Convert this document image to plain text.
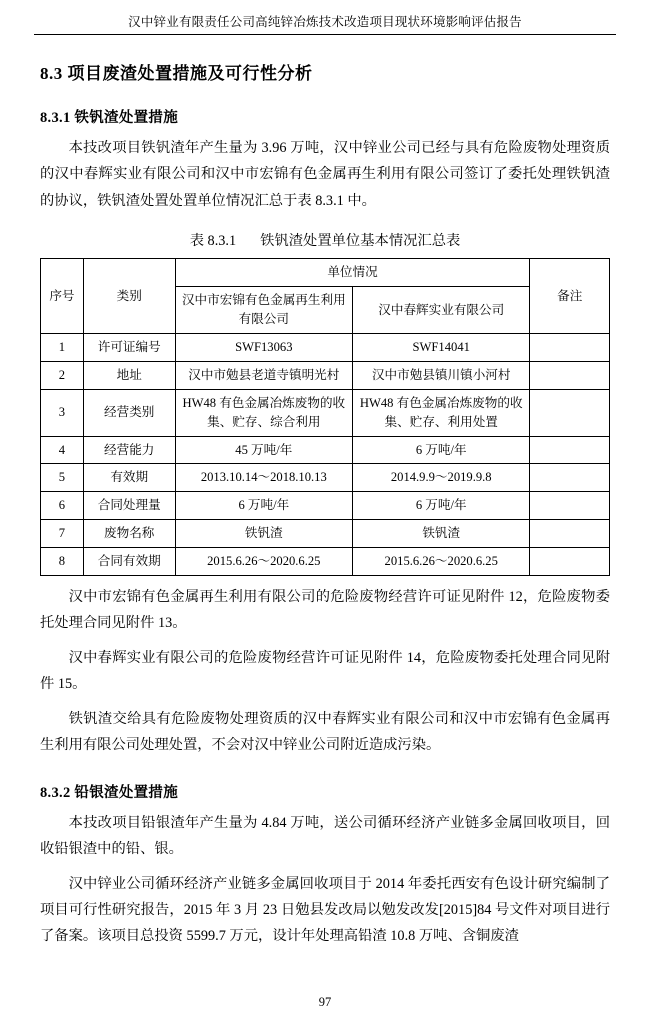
汉中锌业有限责任公司高纯锌冶炼技术改造项目现状环境影响评估报告
8.3 项目废渣处置措施及可行性分析
8.3.1 铁钒渣处置措施

本技改项目铁钒渣年产生量为 3.96 万吨，汉中锌业公司已经与具有危险废物处理资质的汉中春辉实业有限公司和汉中市宏锦有色金属再生利用有限公司签订了委托处理铁钒渣的协议，铁钒渣处置处置单位情况汇总于表 8.3.1 中。

表 8.3.1 铁钒渣处置单位基本情况汇总表
序号	类别	单位情况		备注
		汉中市宏锦有色金属再生利用有限公司	汉中春辉实业有限公司	
1	许可证编号	SWF13063	SWF14041	
2	地址	汉中市勉县老道寺镇明光村	汉中市勉县镇川镇小河村	
3	经营类别	HW48 有色金属冶炼废物的收集、贮存、综合利用	HW48 有色金属冶炼废物的收集、贮存、利用处置	
4	经营能力	45 万吨/年	6 万吨/年	
5	有效期	2013.10.14～2018.10.13	2014.9.9～2019.9.8	
6	合同处理量	6 万吨/年	6 万吨/年	
7	废物名称	铁钒渣	铁钒渣	
8	合同有效期	2015.6.26～2020.6.25	2015.6.26～2020.6.25	

汉中市宏锦有色金属再生利用有限公司的危险废物经营许可证见附件 12，危险废物委托处理合同见附件 13。

汉中春辉实业有限公司的危险废物经营许可证见附件 14，危险废物委托处理合同见附件 15。

铁钒渣交给具有危险废物处理资质的汉中春辉实业有限公司和汉中市宏锦有色金属再生利用有限公司处理处置，不会对汉中锌业公司附近造成污染。

8.3.2 铅银渣处置措施

本技改项目铅银渣年产生量为 4.84 万吨，送公司循环经济产业链多金属回收项目，回收铅银渣中的铅、银。

汉中锌业公司循环经济产业链多金属回收项目于 2014 年委托西安有色设计研究编制了项目可行性研究报告，2015 年 3 月 23 日勉县发改局以勉发改发[2015]84 号文件对项目进行了备案。该项目总投资 5599.7 万元，设计年处理高铅渣 10.8 万吨、含铜废渣

97
